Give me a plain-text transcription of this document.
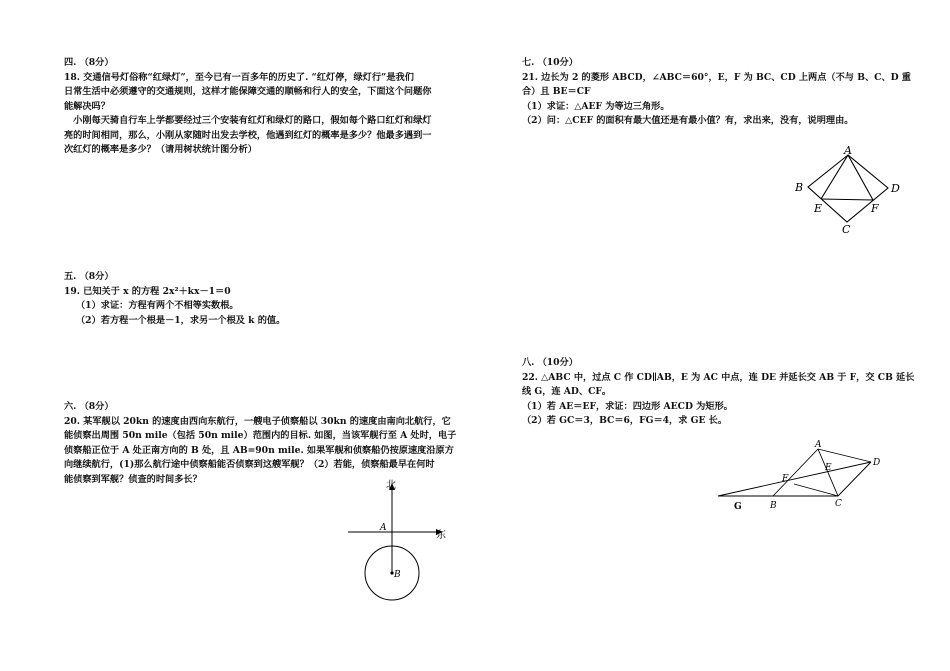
四. （8分）

18. 交通信号灯俗称“红绿灯”，至今已有一百多年的历史了. “红灯停，绿灯行”是我们

日常生活中必须遵守的交通规则，这样才能保障交通的顺畅和行人的安全，下面这个问题你

能解决吗？

　小刚每天骑自行车上学都要经过三个安装有红灯和绿灯的路口，假如每个路口红灯和绿灯

亮的时间相同，那么，小刚从家随时出发去学校，他遇到红灯的概率是多少？他最多遇到一

次红灯的概率是多少？（请用树状统计图分析）

五. （8分）

19. 已知关于 x 的方程 2x²＋kx－1＝0

（1）求证：方程有两个不相等实数根。

（2）若方程一个根是－1，求另一个根及 k 的值。

六. （8分）

20. 某军舰以 20kn 的速度由西向东航行，一艘电子侦察船以 30kn 的速度由南向北航行，它

能侦察出周围 50n mile（包括 50n mile）范围内的目标. 如图，当该军舰行至 A 处时，电子

侦察船正位于 A 处正南方向的 B 处，且 AB=90n mile. 如果军舰和侦察船仍按原速度沿原方

向继续航行，(1)那么航行途中侦察船能否侦察到这艘军舰？（2）若能，侦察船最早在何时

能侦察到军舰？侦查的时间多长？

北
东
A
B

七. （10分）

21. 边长为 2 的菱形 ABCD，∠ABC＝60°，E，F 为 BC、CD 上两点（不与 B、C、D 重

合）且 BE＝CF

（1）求证：△AEF 为等边三角形。

（2）问：△CEF 的面积有最大值还是有最小值？有，求出来，没有，说明理由。

八. （10分）

22. △ABC 中，过点 C 作 CD∥AB，E 为 AC 中点，连 DE 并延长交 AB 于 F，交 CB 延长

线 G，连 AD、CF。

（1）若 AE＝EF，求证：四边形 AECD 为矩形。

（2）若 GC＝3，BC＝6，FG＝4，求 GE 长。

A
B
C
D
E	F
A
B	C
D
E
F
G
